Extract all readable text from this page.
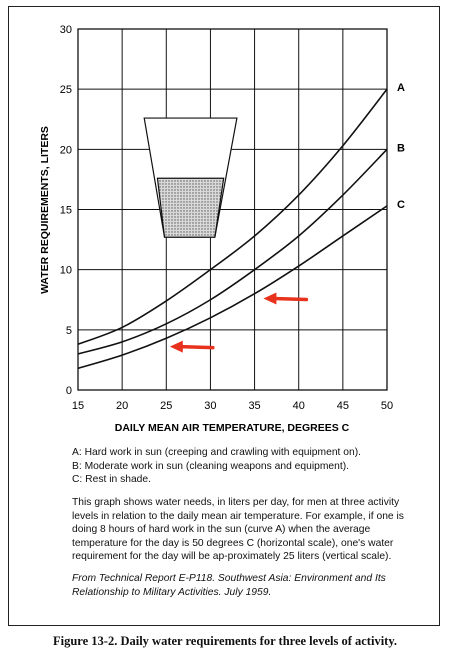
A
B
C
15	20	25	30	35	40	45	50
0
5
10
15
20
25
30
DAILY MEAN AIR TEMPERATURE, DEGREES C
WATER REQUIREMENTS, LITERS
A: Hard work in sun (creeping and crawling with equipment on).
B: Moderate work in sun (cleaning weapons and equipment).
C: Rest in shade.
This graph shows water needs, in liters per day, for men at three activity levels in relation to the daily mean air temperature. For example, if one is doing 8 hours of hard work in the sun (curve A) when the average temperature for the day is 50 degrees C (horizontal scale), one's water requirement for the day will be ap-proximately 25 liters (vertical scale).
From Technical Report E-P118. Southwest Asia: Environment and Its Relationship to Military Activities. July 1959.
Figure 13-2. Daily water requirements for three levels of activity.
